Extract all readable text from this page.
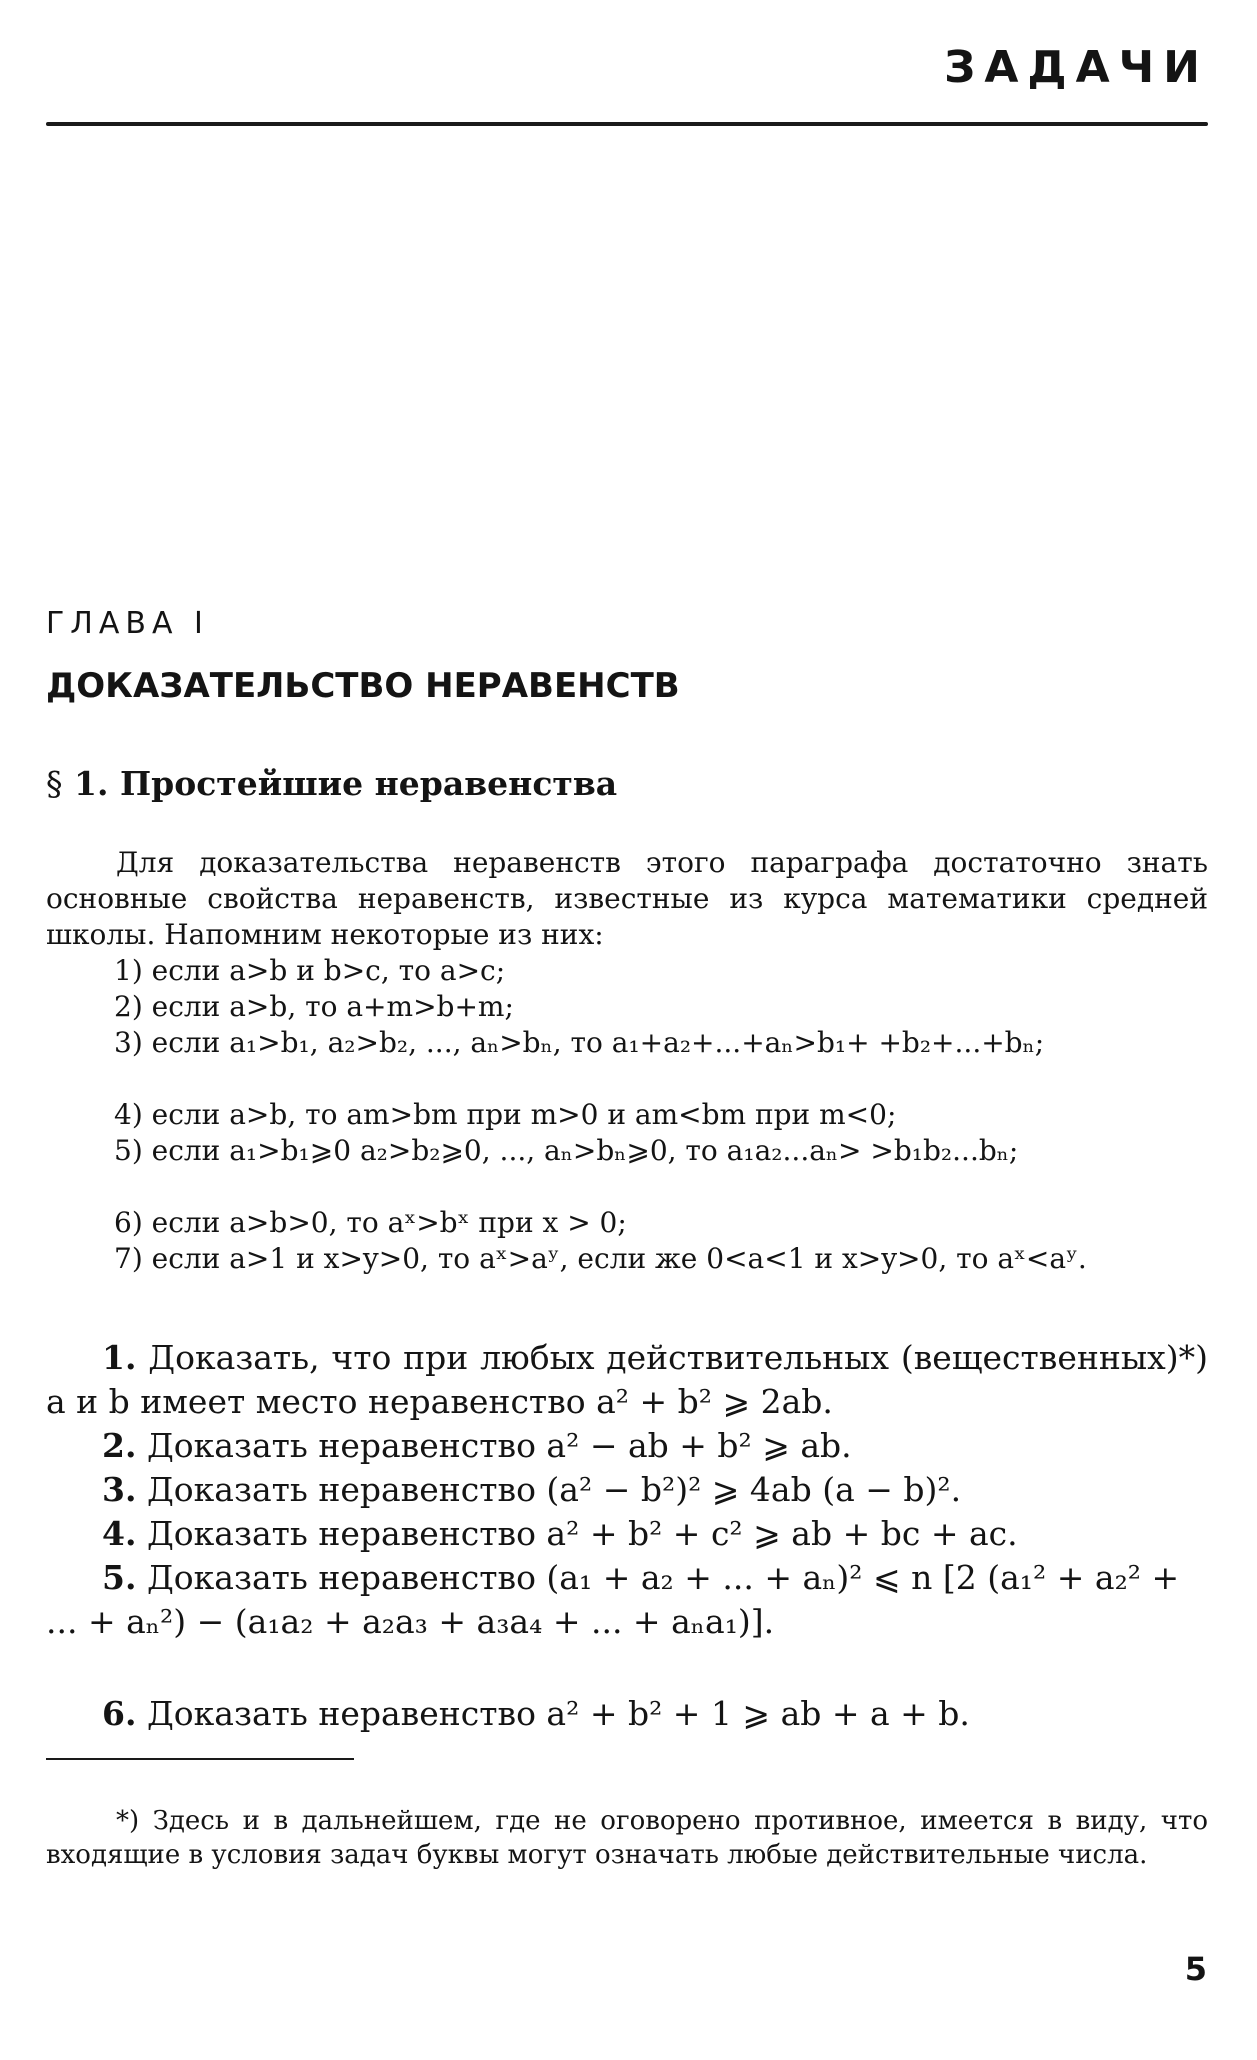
ЗАДАЧИ
ГЛАВА I
ДОКАЗАТЕЛЬСТВО НЕРАВЕНСТВ
§ 1. Простейшие неравенства
Для доказательства неравенств этого параграфа достаточно знать основные свойства неравенств, известные из курса математики средней школы. Напомним некоторые из них:
1) если a>b и b>c, то a>c;
2) если a>b, то a+m>b+m;
3) если a₁>b₁, a₂>b₂, ..., aₙ>bₙ, то a₁+a₂+...+aₙ>b₁+ +b₂+...+bₙ;
4) если a>b, то am>bm при m>0 и am<bm при m<0;
5) если a₁>b₁⩾0 a₂>b₂⩾0, ..., aₙ>bₙ⩾0, то a₁a₂...aₙ> >b₁b₂...bₙ;
6) если a>b>0, то aˣ>bˣ при x > 0;
7) если a>1 и x>y>0, то aˣ>aʸ, если же 0<a<1 и x>y>0, то aˣ<aʸ.
1. Доказать, что при любых действительных (вещественных)*) a и b имеет место неравенство a² + b² ⩾ 2ab.
2. Доказать неравенство a² − ab + b² ⩾ ab.
3. Доказать неравенство (a² − b²)² ⩾ 4ab (a − b)².
4. Доказать неравенство a² + b² + c² ⩾ ab + bc + ac.
5. Доказать неравенство (a₁ + a₂ + ... + aₙ)² ⩽ n [2 (a₁² + a₂² + ... + aₙ²) − (a₁a₂ + a₂a₃ + a₃a₄ + ... + aₙa₁)].
6. Доказать неравенство a² + b² + 1 ⩾ ab + a + b.
*) Здесь и в дальнейшем, где не оговорено противное, имеется в виду, что входящие в условия задач буквы могут означать любые действительные числа.
5
